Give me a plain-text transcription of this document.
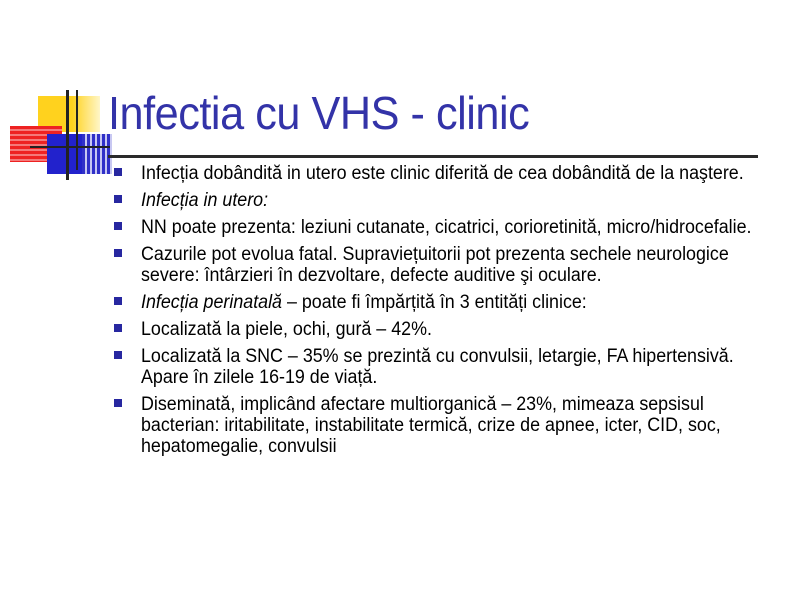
Infectia cu VHS - clinic
Infecția dobândită in utero este clinic diferită de cea dobândită de la naştere.
Infecția in utero:
NN poate prezenta: leziuni cutanate, cicatrici, corioretinită, micro/hidrocefalie.
Cazurile pot evolua fatal. Supraviețuitorii pot prezenta sechele neurologice severe: întârzieri în dezvoltare, defecte auditive şi oculare.
Infecția perinatală – poate fi împărțită în 3 entități clinice:
Localizată la piele, ochi, gură – 42%.
Localizată la SNC – 35% se prezintă cu convulsii, letargie, FA hipertensivă. Apare în zilele 16-19 de viață.
Diseminată, implicând afectare multiorganică – 23%, mimeaza sepsisul bacterian: iritabilitate, instabilitate termică, crize de apnee, icter, CID, soc, hepatomegalie, convulsii
